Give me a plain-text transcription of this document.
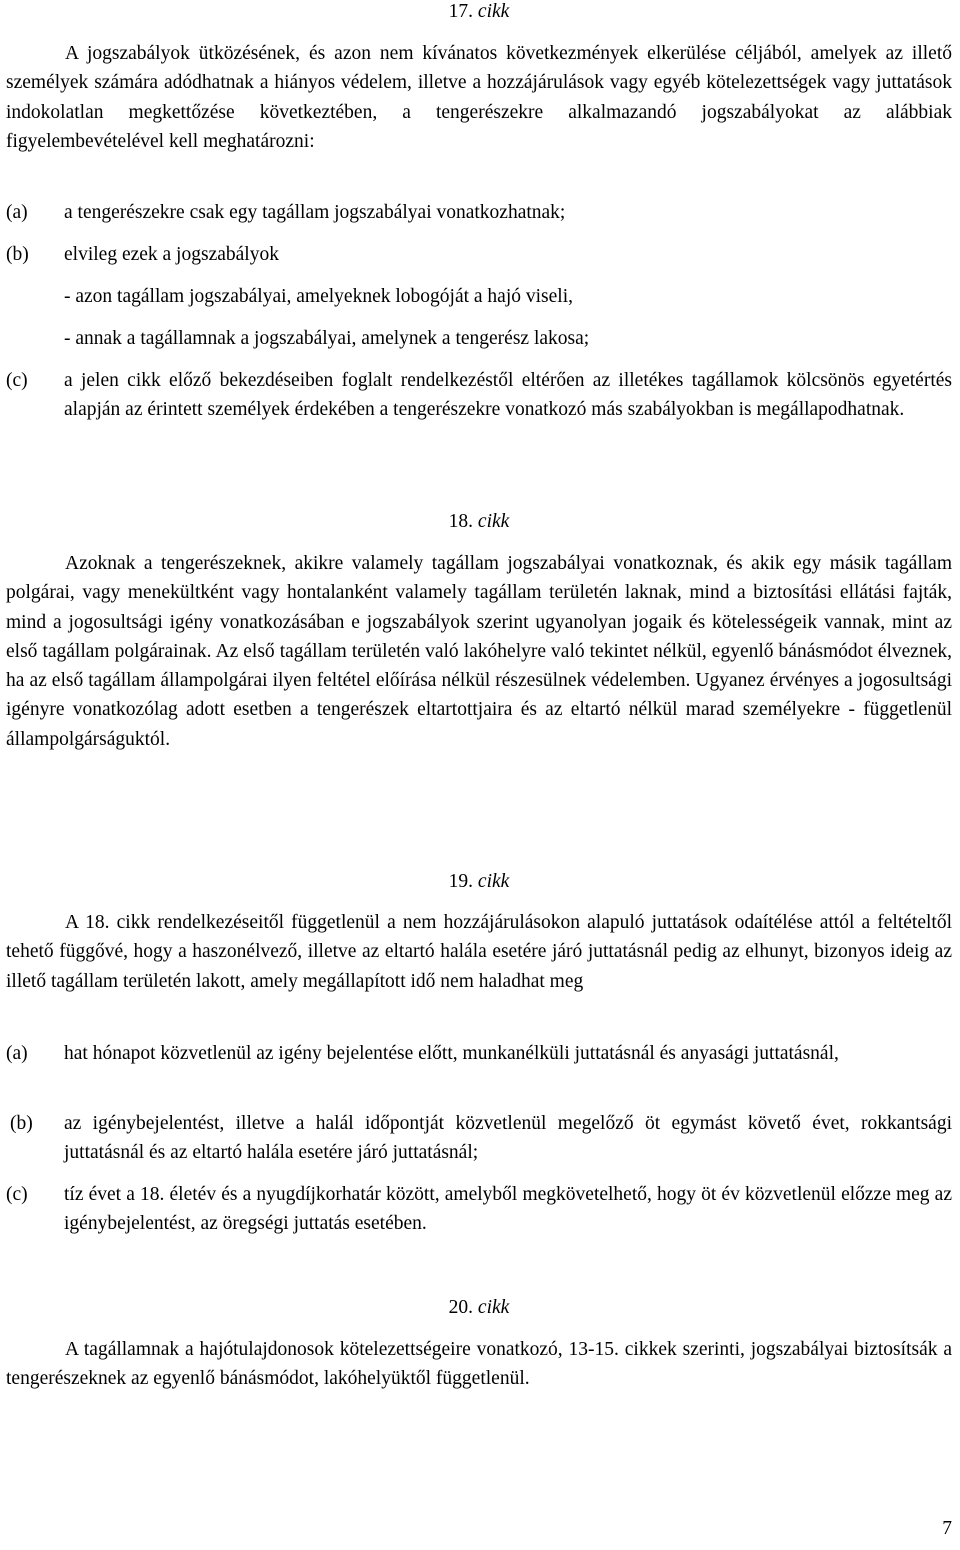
17. cikk

A jogszabályok ütközésének, és azon nem kívánatos következmények elkerülése céljából, amelyek az illető személyek számára adódhatnak a hiányos védelem, illetve a hozzájárulások vagy egyéb kötelezettségek vagy juttatások indokolatlan megkettőzése következtében, a tengerészekre alkalmazandó jogszabályokat az alábbiak figyelembevételével kell meghatározni:

(a) a tengerészekre csak egy tagállam jogszabályai vonatkozhatnak;
(b) elvileg ezek a jogszabályok
- azon tagállam jogszabályai, amelyeknek lobogóját a hajó viseli,
- annak a tagállamnak a jogszabályai, amelynek a tengerész lakosa;
(c) a jelen cikk előző bekezdéseiben foglalt rendelkezéstől eltérően az illetékes tagállamok kölcsönös egyetértés alapján az érintett személyek érdekében a tengerészekre vonatkozó más szabályokban is megállapodhatnak.
18. cikk

Azoknak a tengerészeknek, akikre valamely tagállam jogszabályai vonatkoznak, és akik egy másik tagállam polgárai, vagy menekültként vagy hontalanként valamely tagállam területén laknak, mind a biztosítási ellátási fajták, mind a jogosultsági igény vonatkozásában e jogszabályok szerint ugyanolyan jogaik és kötelességeik vannak, mint az első tagállam polgárainak. Az első tagállam területén való lakóhelyre való tekintet nélkül, egyenlő bánásmódot élveznek, ha az első tagállam állampolgárai ilyen feltétel előírása nélkül részesülnek védelemben. Ugyanez érvényes a jogosultsági igényre vonatkozólag adott esetben a tengerészek eltartottjaira és az eltartó nélkül marad személyekre - függetlenül állampolgárságuktól.

19. cikk

A 18. cikk rendelkezéseitől függetlenül a nem hozzájárulásokon alapuló juttatások odaítélése attól a feltételtől tehető függővé, hogy a haszonélvező, illetve az eltartó halála esetére járó juttatásnál pedig az elhunyt, bizonyos ideig az illető tagállam területén lakott, amely megállapított idő nem haladhat meg

(a) hat hónapot közvetlenül az igény bejelentése előtt, munkanélküli juttatásnál és anyasági juttatásnál,
(b) az igénybejelentést, illetve a halál időpontját közvetlenül megelőző öt egymást követő évet, rokkantsági juttatásnál és az eltartó halála esetére járó juttatásnál;
(c) tíz évet a 18. életév és a nyugdíjkorhatár között, amelyből megkövetelhető, hogy öt év közvetlenül előzze meg az igénybejelentést, az öregségi juttatás esetében.
20. cikk

A tagállamnak a hajótulajdonosok kötelezettségeire vonatkozó, 13-15. cikkek szerinti, jogszabályai biztosítsák a tengerészeknek az egyenlő bánásmódot, lakóhelyüktől függetlenül.

7
